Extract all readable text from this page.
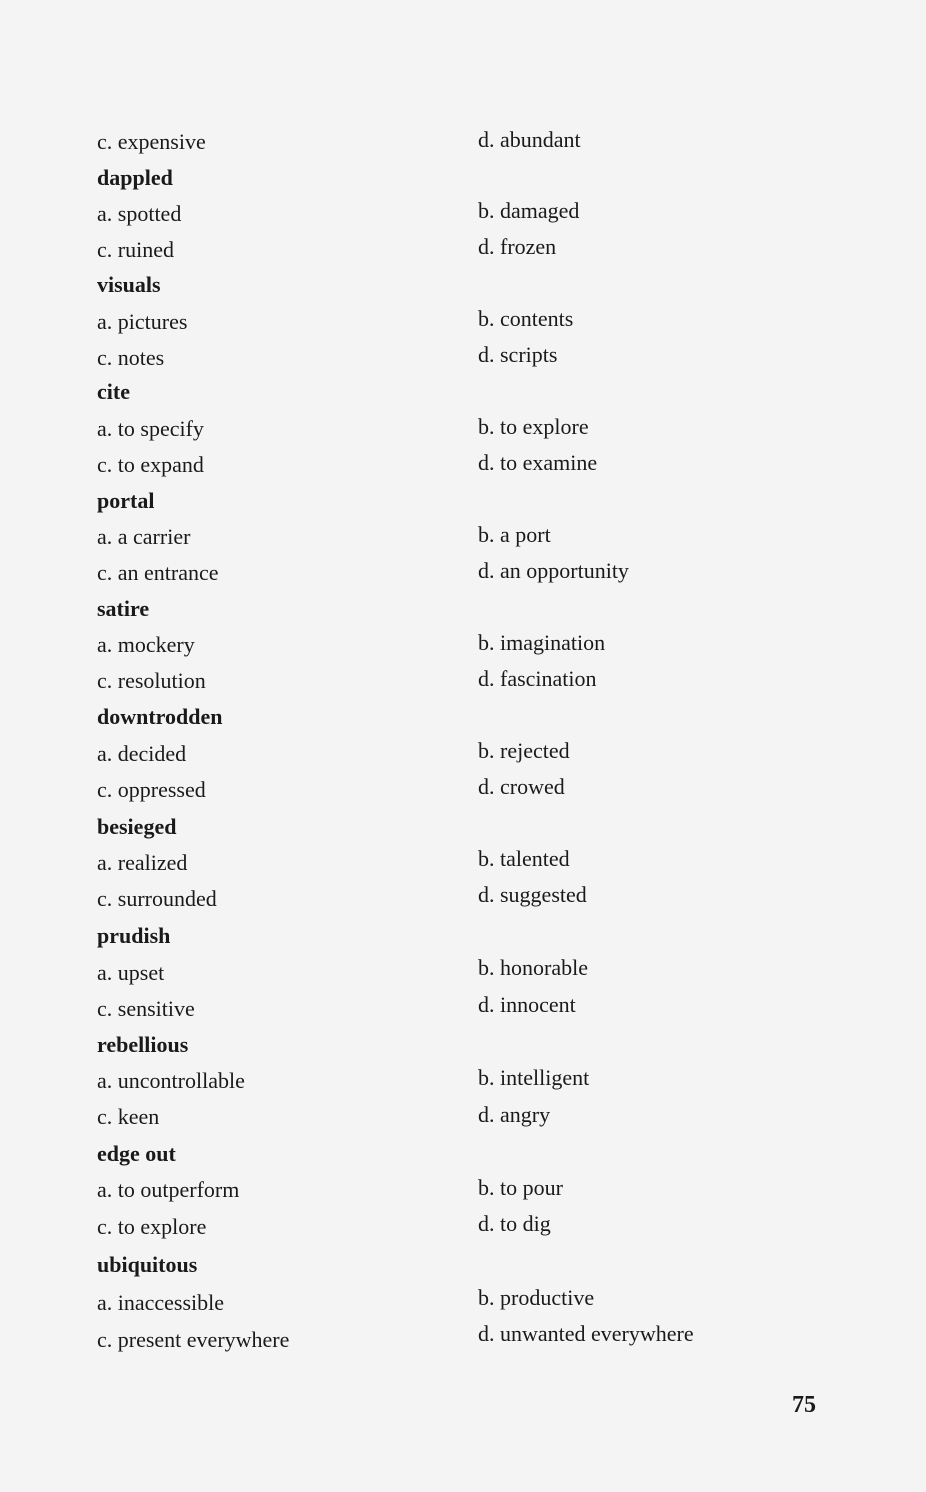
c. expensive	d. abundant
dappled
a. spotted	b. damaged
c. ruined	d. frozen
visuals
a. pictures	b. contents
c. notes	d. scripts
cite
a. to specify	b. to explore
c. to expand	d. to examine
portal
a. a carrier	b. a port
c. an entrance	d. an opportunity
satire
a. mockery	b. imagination
c. resolution	d. fascination
downtrodden
a. decided	b. rejected
c. oppressed	d. crowed
besieged
a. realized	b. talented
c. surrounded	d. suggested
prudish
a. upset	b. honorable
c. sensitive	d. innocent
rebellious
a. uncontrollable	b. intelligent
c. keen	d. angry
edge out
a. to outperform	b. to pour
c. to explore	d. to dig
ubiquitous
a. inaccessible	b. productive
c. present everywhere	d. unwanted everywhere
75
